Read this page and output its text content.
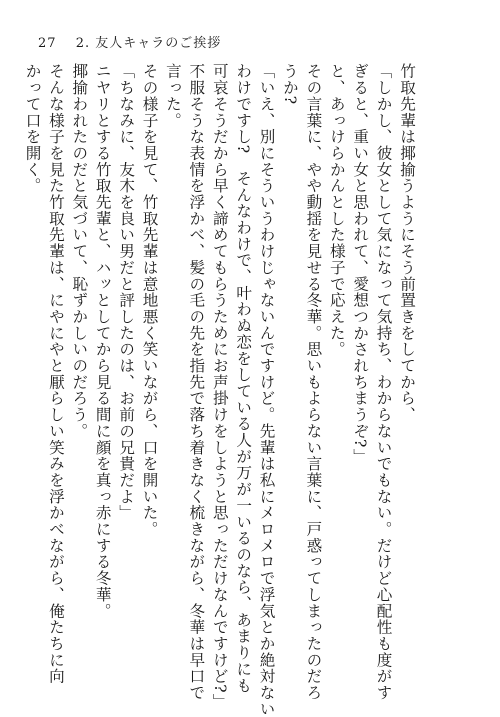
27 2. 友人キャラのご挨拶
竹取先輩は揶揄うようにそう前置きをしてから、
「しかし、彼女として気になって気持ち、わからないでもない。だけど心配性も度がす
ぎると、重い女と思われて、愛想つかされちまうぞ?」
と、あっけらかんとした様子で応えた。
その言葉に、やや動揺を見せる冬華。思いもよらない言葉に、戸惑ってしまったのだろ
うか?
「いえ、別にそういうわけじゃないんですけど。先輩は私にメロメロで浮気とか絶対ない
わけですし?　そんなわけで、叶わぬ恋をしている人が万が一いるのなら、あまりにも
可哀そうだから早く諦めてもらうためにお声掛けをしようと思っただけなんですけど?」
不服そうな表情を浮かべ、髪の毛の先を指先で落ち着きなく梳きながら、冬華は早口で
言った。
その様子を見て、竹取先輩は意地悪く笑いながら、口を開いた。
「ちなみに、友木を良い男だと評したのは、お前の兄貴だよ」
ニヤリとする竹取先輩と、ハッとしてから見る間に顔を真っ赤にする冬華。
揶揄われたのだと気づいて、恥ずかしいのだろう。
そんな様子を見た竹取先輩は、にやにやと厭らしい笑みを浮かべながら、俺たちに向
かって口を開く。
